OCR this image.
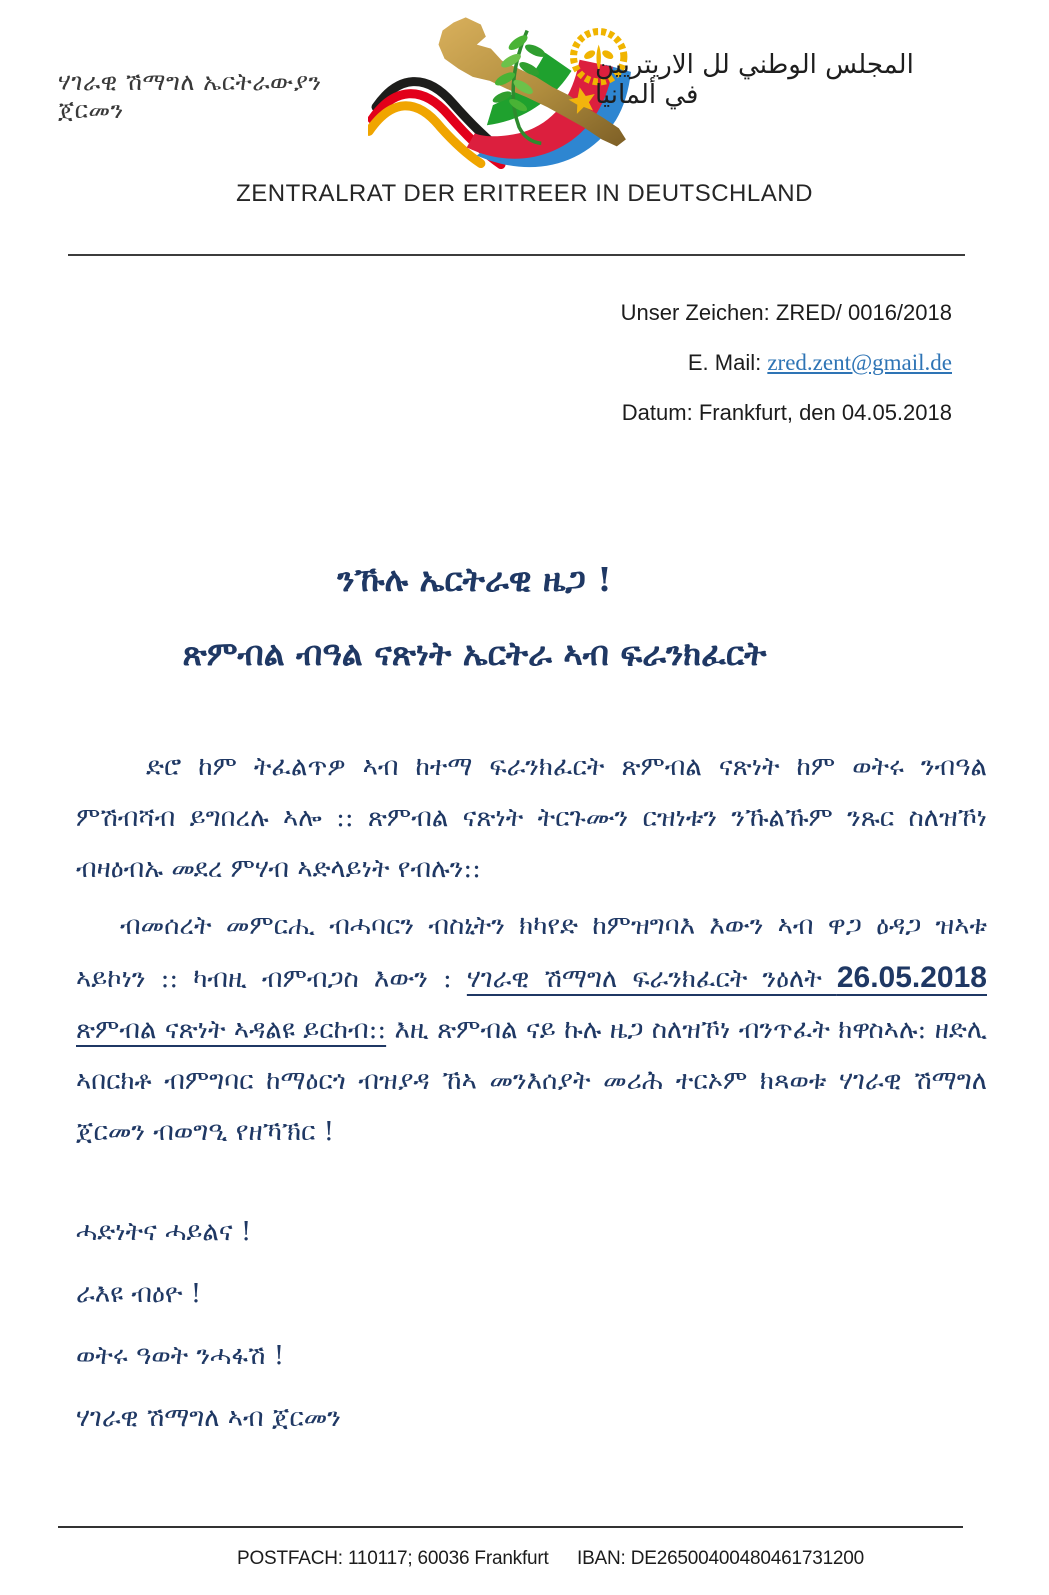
ሃገራዊ ሽማግለ ኤርትራውያን ጀርመን
المجلس الوطني لل الاريتريين في ألمانيا
ZENTRALRAT DER ERITREER IN DEUTSCHLAND
Unser Zeichen: ZRED/ 0016/2018
E. Mail: zred.zent@gmail.de
Datum: Frankfurt, den 04.05.2018
ንኹሉ ኤርትራዊ ዜጋ !
ጽምብል ብዓል ናጽነት ኤርትራ ኣብ ፍራንክፈርት

ድሮ ከም ትፈልጥዎ ኣብ ከተማ ፍራንክፈርት ጽምብል ናጽነት ከም ወትሩ ንብዓል ምሽብሻብ ይግበረሉ ኣሎ :: ጽምብል ናጽነት ትርጉሙን ርዝነቱን ንኹልኹም ንጹር ስለዝኾነ ብዛዕብኡ መደረ ምሃብ ኣድላይነት የብሉን::

ብመሰረት መምርሒ ብሓባርን ብስኒትን ክካየድ ከምዝግባእ እውን ኣብ ዋጋ ዕዳጋ ዝኣቱ ኣይኮነን :: ካብዚ ብምብጋስ እውን : ሃገራዊ ሽማግለ ፍራንክፈርት ንዕለት 26.05.2018 ጽምብል ናጽነት ኣዳልዩ ይርከብ:: እዚ ጽምብል ናይ ኩሉ ዜጋ ስለዝኾነ ብንጥፈት ክዋስኣሉ: ዘድሊ ኣበርክቶ ብምግባር ከማዕርጎ ብዝያዳ ኸኣ መንእሰያት መሪሕ ተርኦም ክጻወቱ ሃገራዊ ሽማግለ ጀርመን ብወግዒ የዘኻኽር !

ሓድነትና ሓይልና !
ራእዩ ብዕዮ !
ወትሩ ዓወት ንሓፋሽ !
ሃገራዊ ሽማግለ ኣብ ጀርመን
POSTFACH: 110117; 60036 Frankfurt IBAN: DE26500400480461731200
